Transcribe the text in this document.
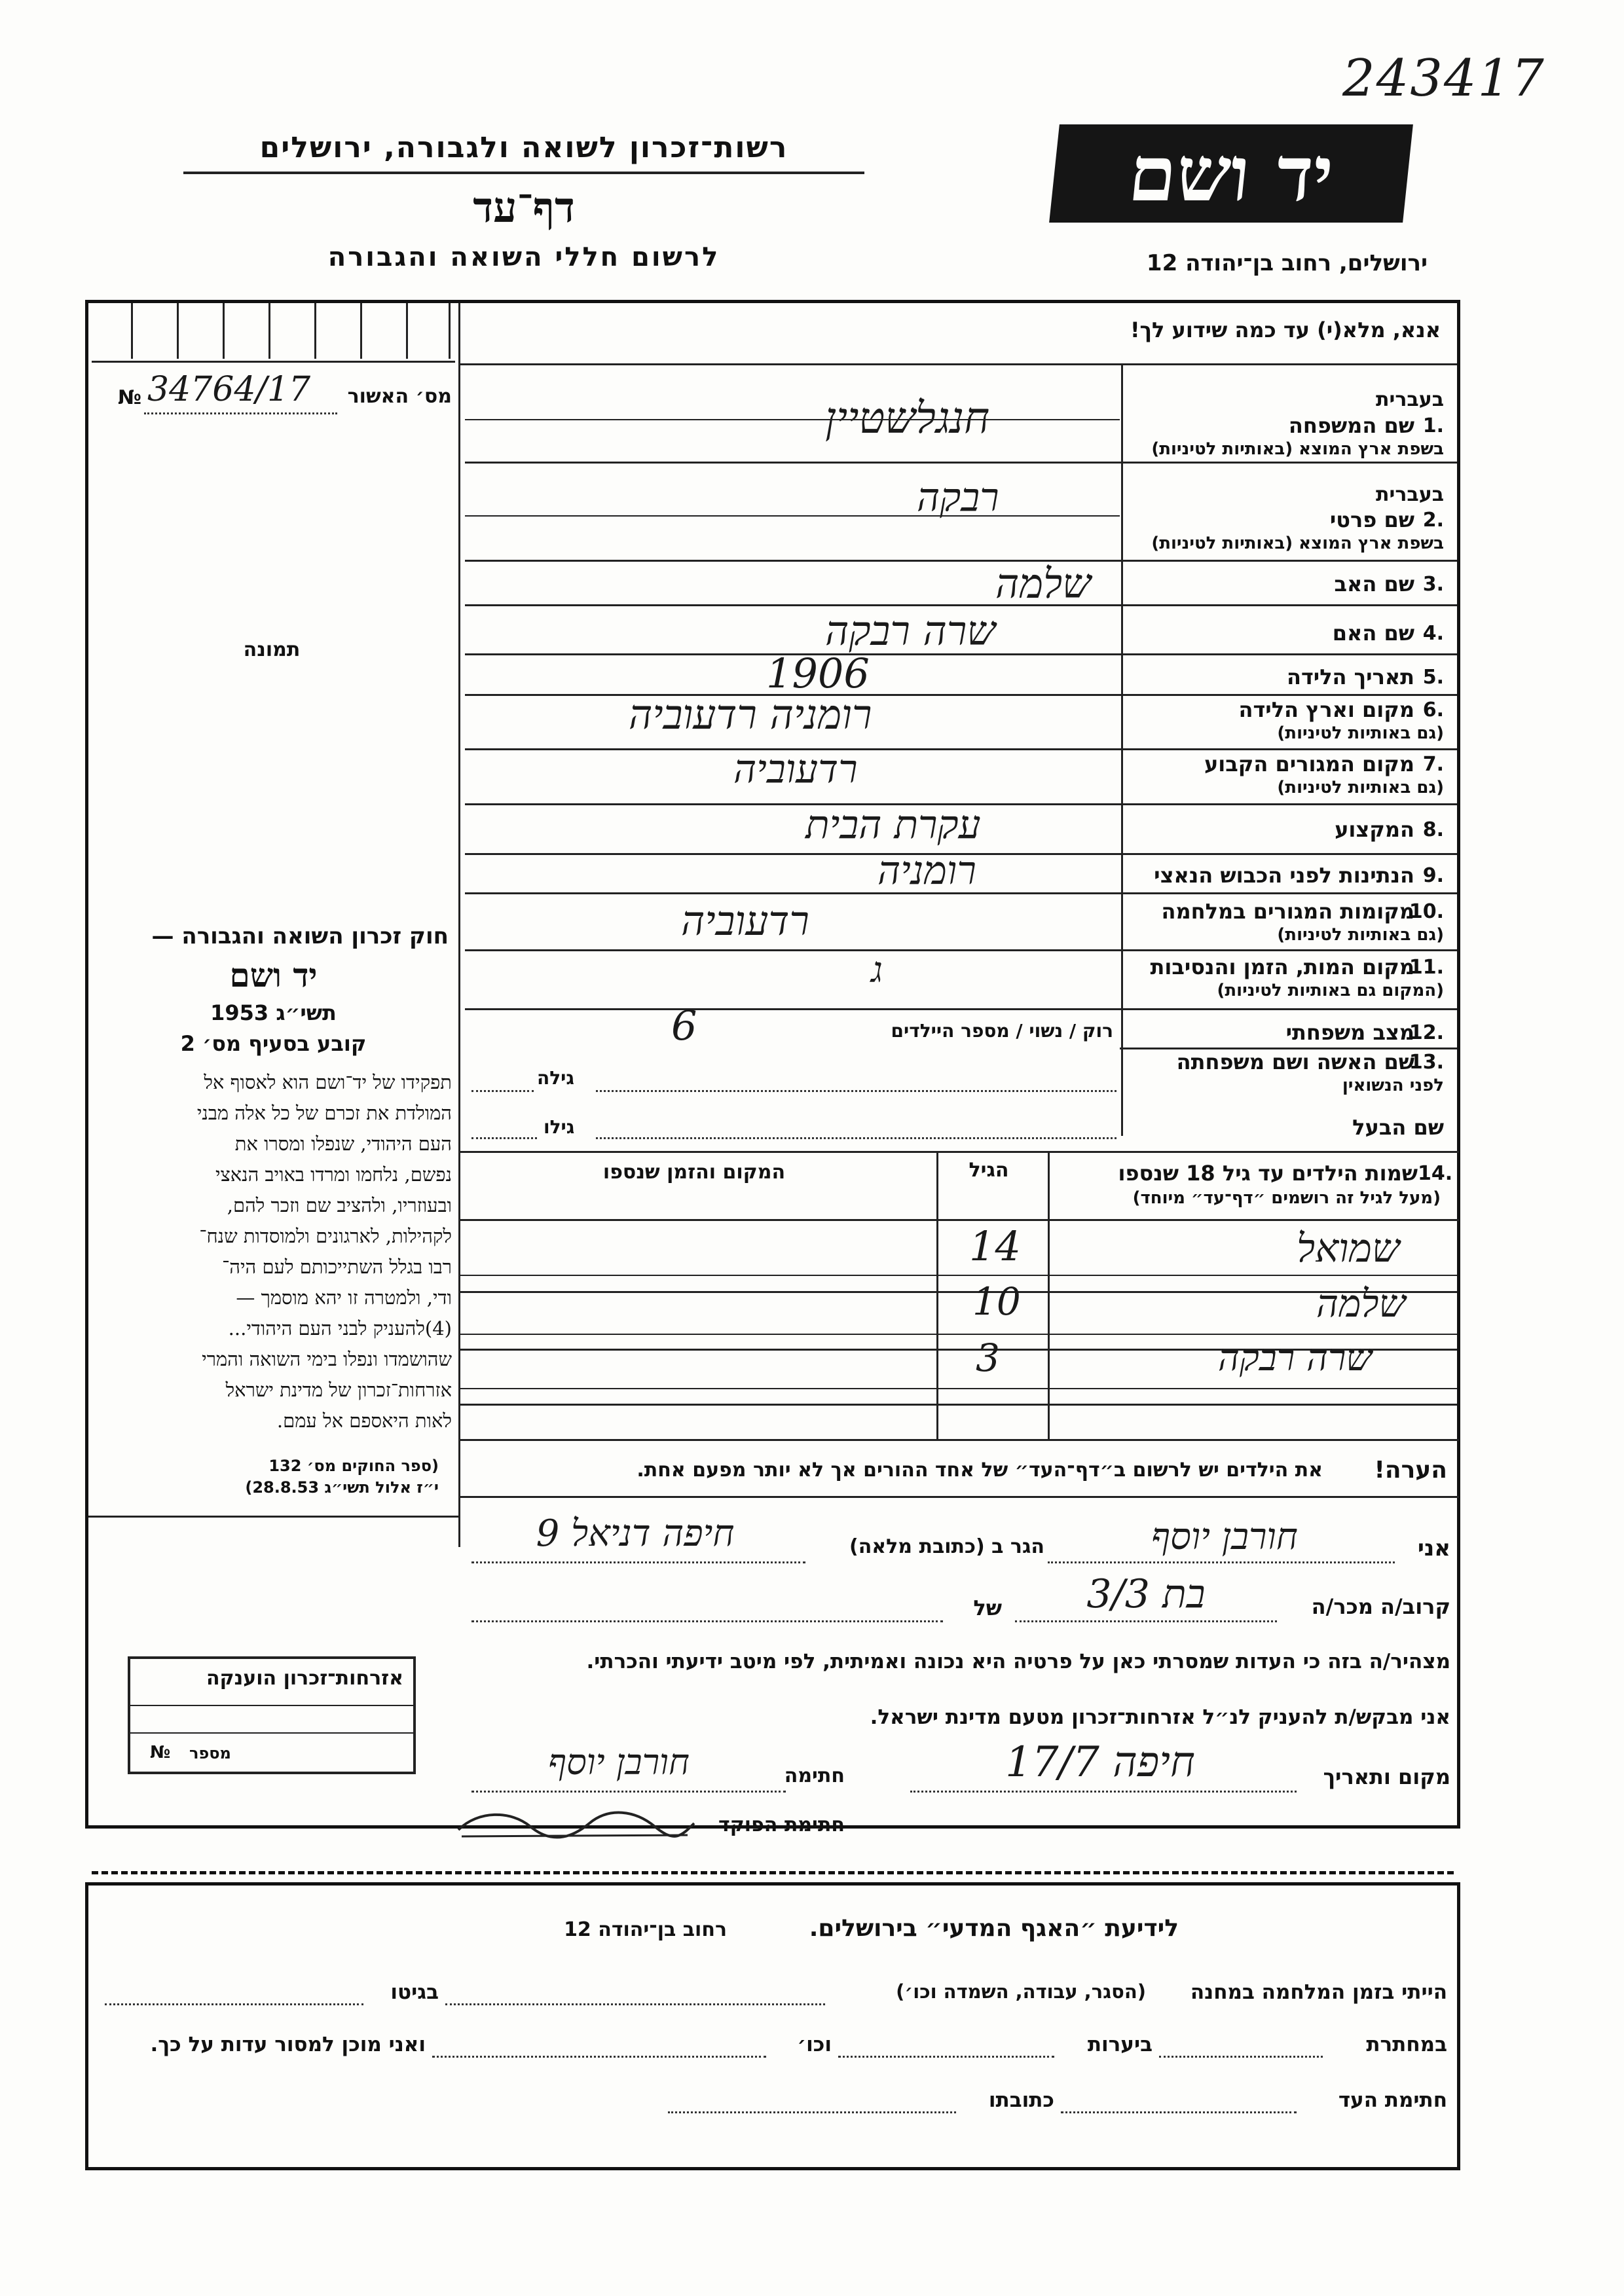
243417
יד ושם
רשות־זכרון לשואה ולגבורה, ירושלים
דף־עד
לרשום חללי השואה והגבורה	ירושלים, רחוב בן־יהודה 12
אנא, מלא(י) עד כמה שידוע לך!
מס׳ האשור
34764/17
№
תמונה
חוק זכרון השואה והגבורה —
יד ושם
תשי״ג 1953
קובע בסעיף מס׳ 2
תפקידו של יד־ושם הוא לאסוף אל
המולדת את זכרם של כל אלה מבני
העם היהודי, שנפלו ומסרו את
נפשם, נלחמו ומרדו באויב הנאצי
ובעוזריו, ולהציב שם וזכר להם,
לקהילות, לארגונים ולמוסדות שנח־
רבו בגלל השתייכותם לעם היה־
ודי, ולמטרה זו יהא מוסמך —
(4)להעניק לבני העם היהודי...
שהושמדו ונפלו בימי השואה והמרי
אזרחות־זכרון של מדינת ישראל
לאות היאספם אל עמם.
(ספר החוקים מס׳ 132
י״ז אלול תשי״ג 28.8.53)
בעברית
1.
שם המשפחה
בשפת ארץ המוצא (באותיות לטיניות)
חנגלשטיין
בעברית
2.
שם פרטי
בשפת ארץ המוצא (באותיות לטיניות)
רבקה
3.
שם האב
שלמה
4.
שם האם
שרה רבקה
5.
תאריך הלידה
1906
6.
מקום וארץ הלידה
(גם באותיות לטיניות)
רומניה רדעוביה
7.
מקום המגורים הקבוע
(גם באותיות לטיניות)
רדעוביה
8.
המקצוע
עקרת הבית
9.
הנתינות לפני הכבוש הנאצי
רומניה
10.
מקומות המגורים במלחמה
(גם באותיות לטיניות)
רדעוביה
11.
מקום המות, הזמן והנסיבות
(המקום גם באותיות לטיניות)
ג
12.
מצב משפחתי
רוק / נשוי / מספר היילדים
6
13.
שם האשה ושם משפחתה
לפני הנשואין
גילה
שם הבעל
גילו
14.
שמות הילדים עד גיל 18 שנספו
(מעל לגיל זה רושמים ״דף־עד״ מיוחד)
הגיל
המקום והזמן שנספו
שמואל
14
שלמה
10
שרה רבקה
3
הערה!
את הילדים יש לרשום ב״דף־העד״ של אחד ההורים אך לא יותר מפעם אחת.
אני
חורבן יוסף
הגר ב (כתובת מלאה)
חיפה דניאל 9
קרוב/ה מכר/ה
בת 3/3
של
מצהיר/ה בזה כי העדות שמסרתי כאן על פרטיה היא נכונה ואמיתית, לפי מיטב ידיעתי והכרתי.
אני מבקש/ת להעניק לנ״ל אזרחות־זכרון מטעם מדינת ישראל.
מקום ותאריך
חיפה 17/7
חתימה
חורבן יוסף
חתימת הפוקד
אזרחות־זכרון הוענקה
מספר
№
לידיעת ״האגף המדעי״ בירושלים.
רחוב בן־יהודה 12
הייתי בזמן המלחמה במחנה
(הסגר, עבודה, השמדה וכו׳)
בגיטו
במחתרת
ביערות
וכו׳
ואני מוכן למסור עדות על כך.
חתימת העד
כתובתו
